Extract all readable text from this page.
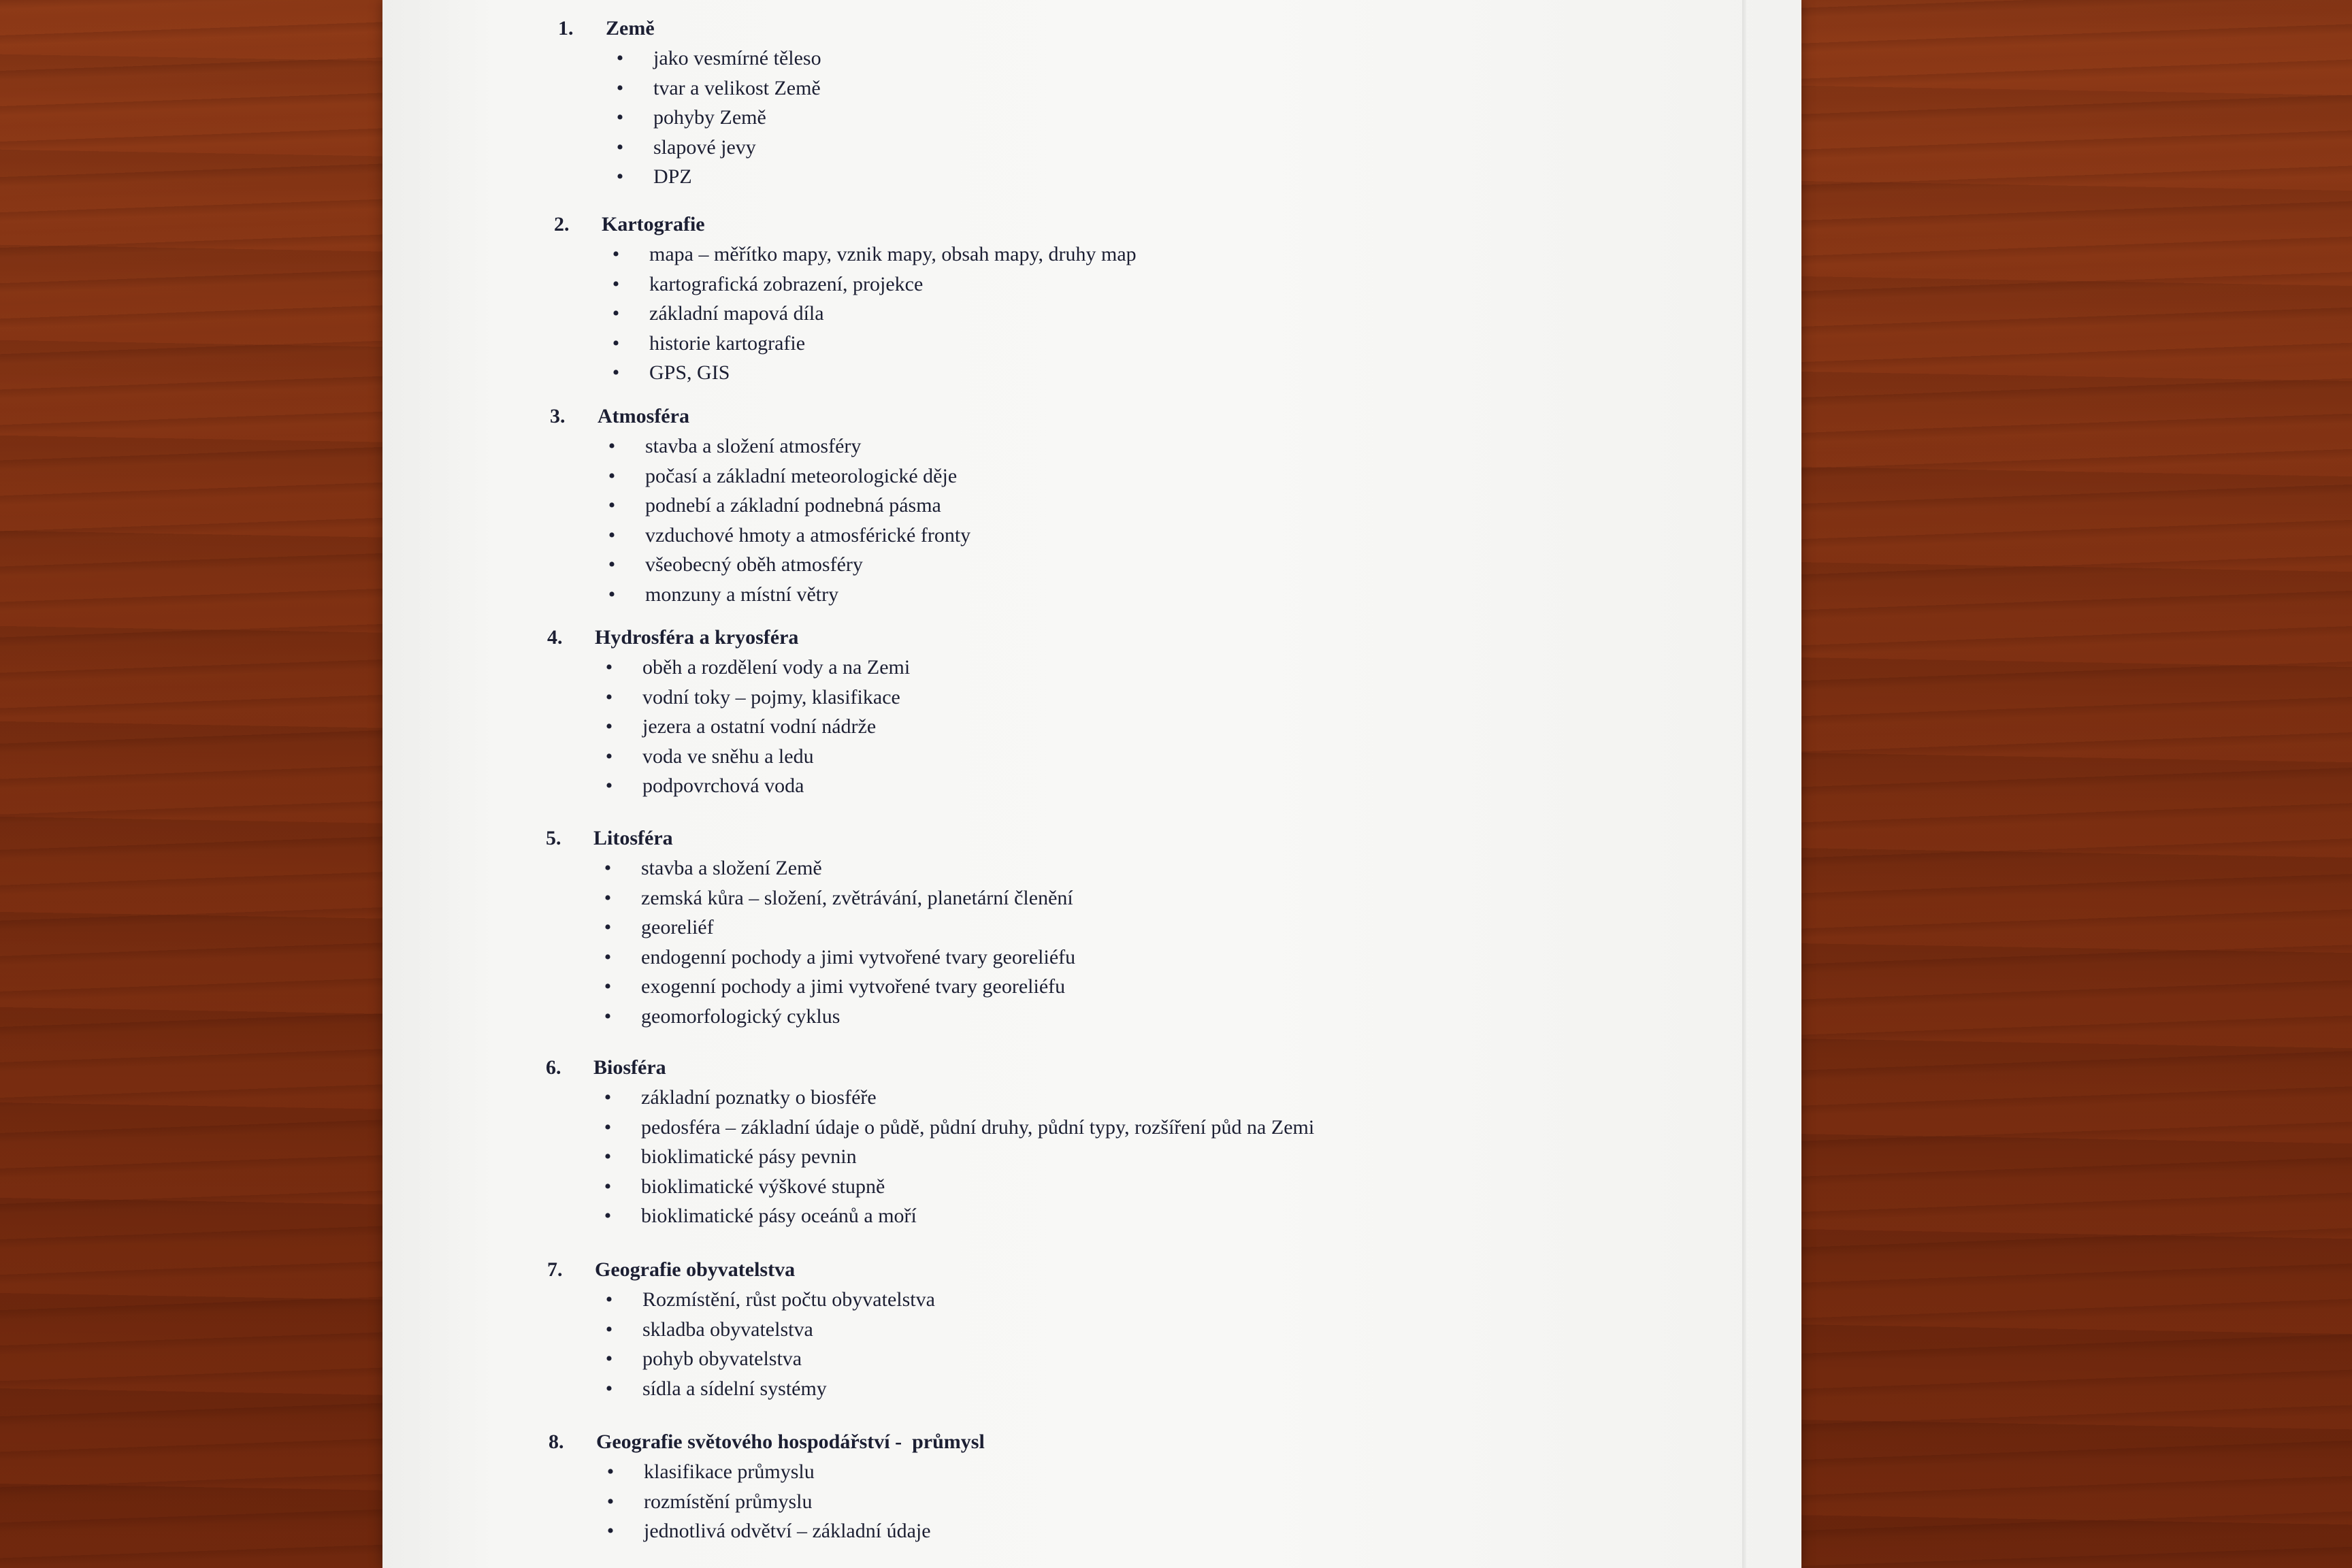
1.	Země
•	jako vesmírné těleso
•	tvar a velikost Země
•	pohyby Země
•	slapové jevy
•	DPZ
2.	Kartografie
•	mapa – měřítko mapy, vznik mapy, obsah mapy, druhy map
•	kartografická zobrazení, projekce
•	základní mapová díla
•	historie kartografie
•	GPS, GIS
3.	Atmosféra
•	stavba a složení atmosféry
•	počasí a základní meteorologické děje
•	podnebí a základní podnebná pásma
•	vzduchové hmoty a atmosférické fronty
•	všeobecný oběh atmosféry
•	monzuny a místní větry
4.	Hydrosféra a kryosféra
•	oběh a rozdělení vody a na Zemi
•	vodní toky – pojmy, klasifikace
•	jezera a ostatní vodní nádrže
•	voda ve sněhu a ledu
•	podpovrchová voda
5.	Litosféra
•	stavba a složení Země
•	zemská kůra – složení, zvětrávání, planetární členění
•	georeliéf
•	endogenní pochody a jimi vytvořené tvary georeliéfu
•	exogenní pochody a jimi vytvořené tvary georeliéfu
•	geomorfologický cyklus
6.	Biosféra
•	základní poznatky o biosféře
•	pedosféra – základní údaje o půdě, půdní druhy, půdní typy, rozšíření půd na Zemi
•	bioklimatické pásy pevnin
•	bioklimatické výškové stupně
•	bioklimatické pásy oceánů a moří
7.	Geografie obyvatelstva
•	Rozmístění, růst počtu obyvatelstva
•	skladba obyvatelstva
•	pohyb obyvatelstva
•	sídla a sídelní systémy
8.	Geografie světového hospodářství -  průmysl
•	klasifikace průmyslu
•	rozmístění průmyslu
•	jednotlivá odvětví – základní údaje
